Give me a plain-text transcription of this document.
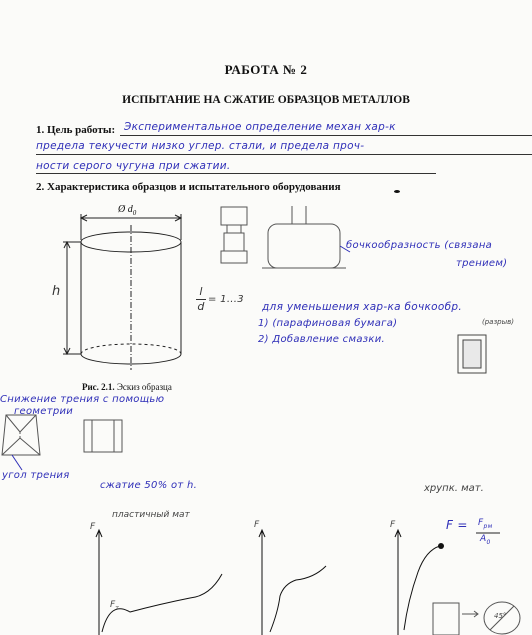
РАБОТА № 2
ИСПЫТАНИЕ НА СЖАТИЕ ОБРАЗЦОВ МЕТАЛЛОВ
1. Цель работы: Экспериментальное определение механ хар-к
предела текучести низко углер. стали, и предела проч-
ности серого чугуна при сжатии.
2. Характеристика образцов и испытательного оборудования
Ø $d_0$
h	l
d
= 1...3
Рис. 2.1. Эскиз образца
бочкообразность (связана
трением)
для уменьшения хар-ка бочкообр.
1) (парафиновая бумага)
2) Добавление смазки.
(разрыв)
Снижение трения с помощью
геометрии
угол трения
сжатие 50% от h.	хрупк. мат.
пластичный мат
$F = F_{рм}$
$A_0$
45°
F	F	F
$F_т$
